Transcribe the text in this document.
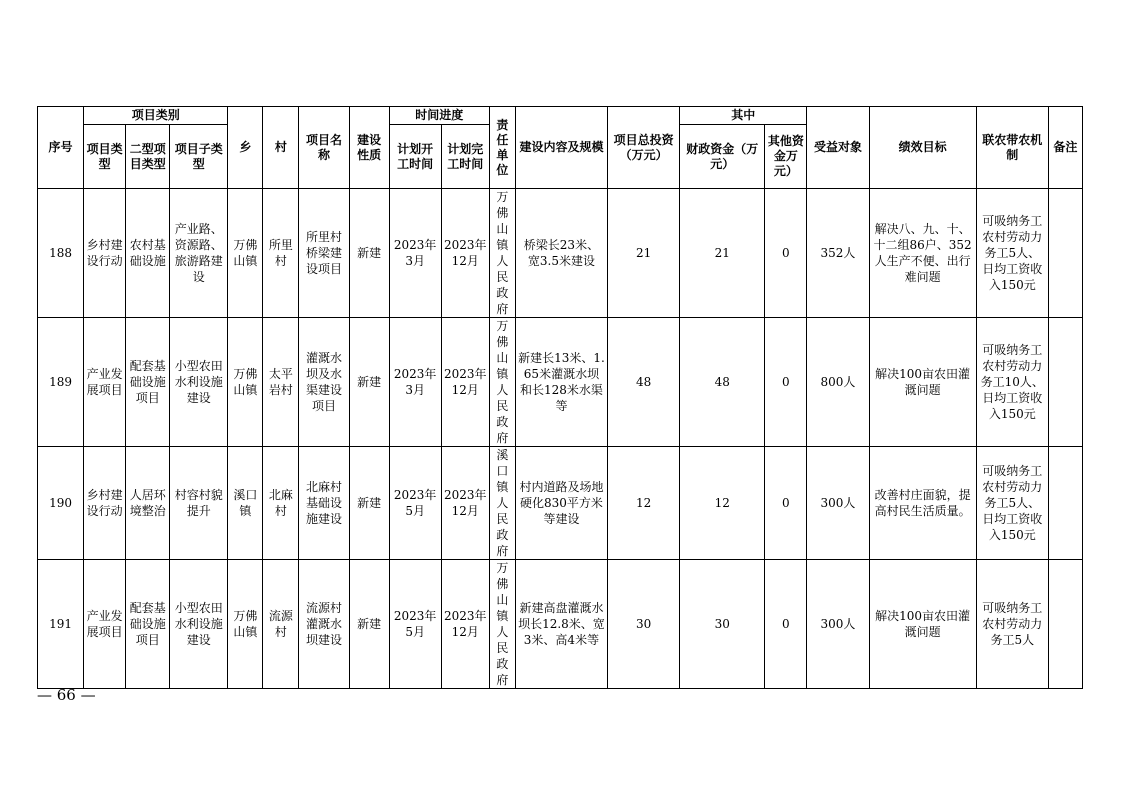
序号	项目类别			乡	村	项目名称	建设性质	时间进度		责任单位	建设内容及规模	项目总投资（万元）	其中		受益对象	绩效目标	联农带农机制	备注
	项目类型	二型项目类型	项目子类型					计划开工时间	计划完工时间				财政资金（万元）	其他资金万元）				
188	乡村建设行动	农村基础设施	产业路、资源路、旅游路建设	万佛山镇	所里村	所里村桥梁建设项目	新建	2023年3月	2023年12月	万佛山镇人民政府	桥梁长23米、宽3.5米建设	21	21	0	352人	解决八、九、十、十二组86户、352人生产不便、出行难问题	可吸纳务工农村劳动力务工5人、日均工资收入150元	
189	产业发展项目	配套基础设施项目	小型农田水利设施建设	万佛山镇	太平岩村	灌溉水坝及水渠建设项目	新建	2023年3月	2023年12月	万佛山镇人民政府	新建长13米、1.65米灌溉水坝和长128米水渠等	48	48	0	800人	解决100亩农田灌溉问题	可吸纳务工农村劳动力务工10人、日均工资收入150元	
190	乡村建设行动	人居环境整治	村容村貌提升	溪口镇	北麻村	北麻村基础设施建设	新建	2023年5月	2023年12月	溪口镇人民政府	村内道路及场地硬化830平方米等建设	12	12	0	300人	改善村庄面貌，提高村民生活质量。	可吸纳务工农村劳动力务工5人、日均工资收入150元	
191	产业发展项目	配套基础设施项目	小型农田水利设施建设	万佛山镇	流源村	流源村灌溉水坝建设	新建	2023年5月	2023年12月	万佛山镇人民政府	新建高盘灌溉水坝长12.8米、宽3米、高4米等	30	30	0	300人	解决100亩农田灌溉问题	可吸纳务工农村劳动力务工5人	
— 66 —
